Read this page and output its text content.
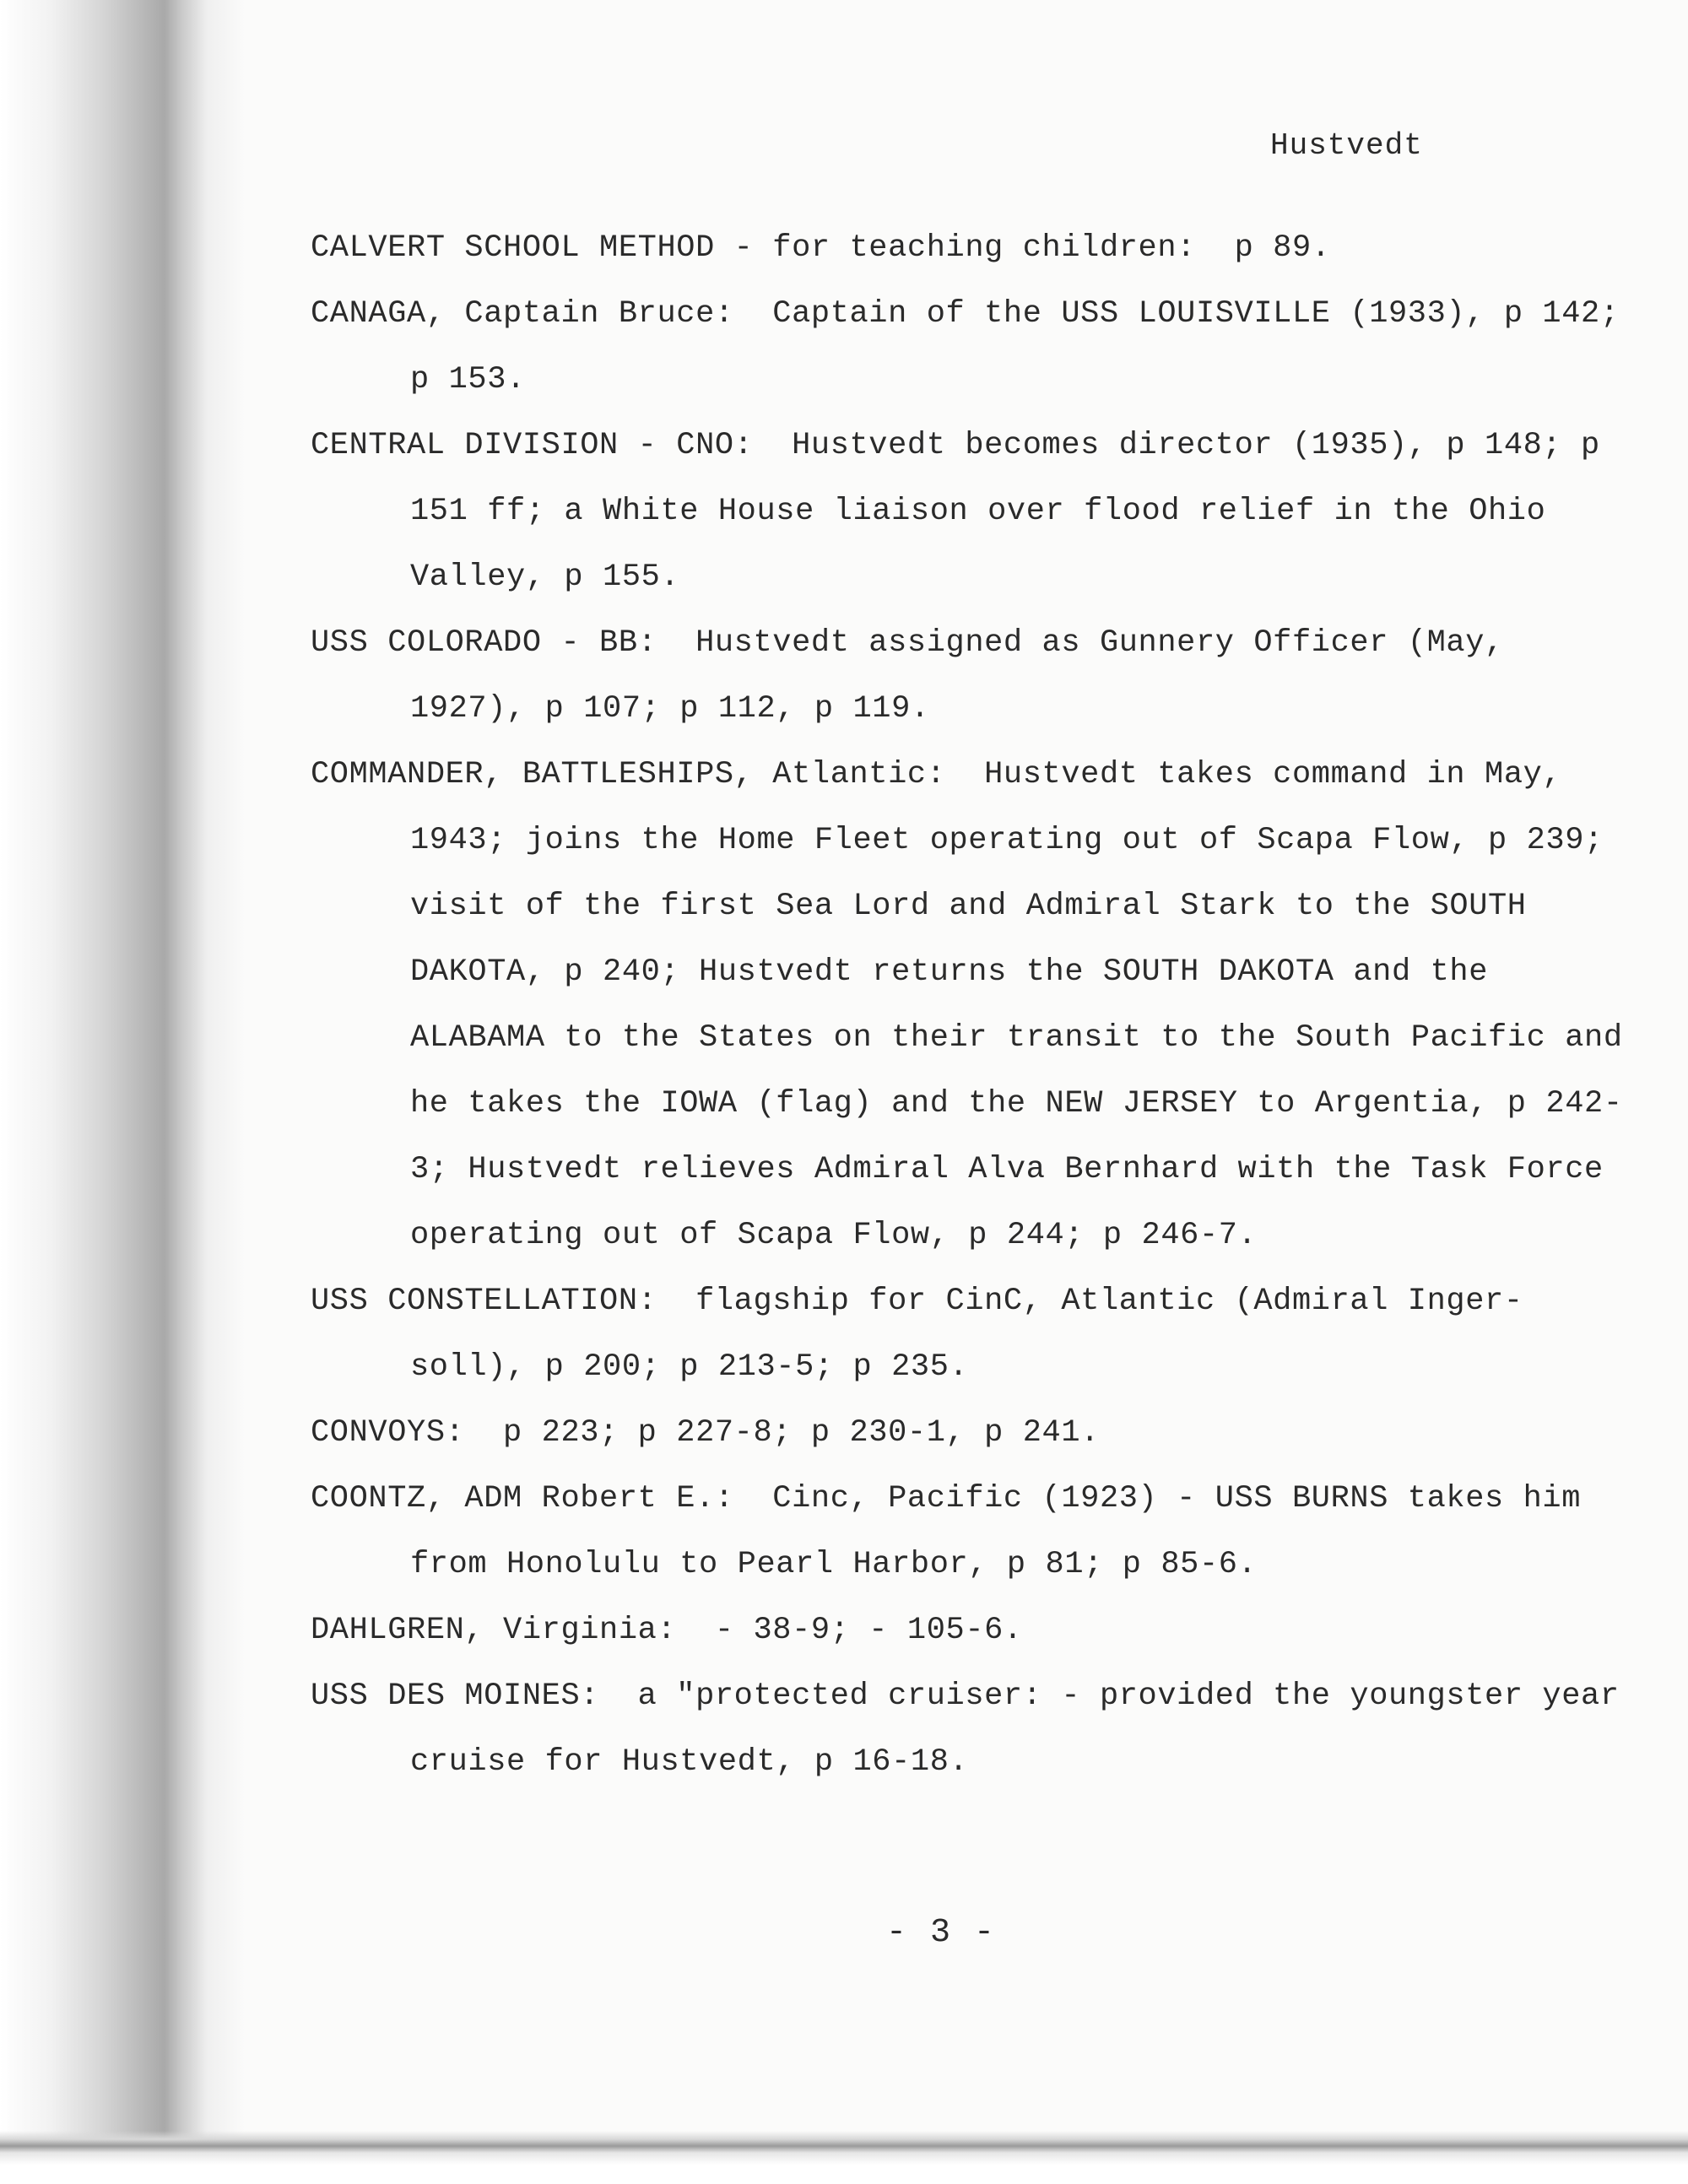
Hustvedt

CALVERT SCHOOL METHOD - for teaching children:  p 89.

CANAGA, Captain Bruce:  Captain of the USS LOUISVILLE (1933), p 142; p 153.

CENTRAL DIVISION - CNO:  Hustvedt becomes director (1935), p 148; p 151 ff; a White House liaison over flood relief in the Ohio Valley, p 155.

USS COLORADO - BB:  Hustvedt assigned as Gunnery Officer (May, 1927), p 107; p 112, p 119.

COMMANDER, BATTLESHIPS, Atlantic:  Hustvedt takes command in May, 1943; joins the Home Fleet operating out of Scapa Flow, p 239; visit of the first Sea Lord and Admiral Stark to the SOUTH DAKOTA, p 240; Hustvedt returns the SOUTH DAKOTA and the ALABAMA to the States on their transit to the South Pacific and he takes the IOWA (flag) and the NEW JERSEY to Argentia, p 242-3; Hustvedt relieves Admiral Alva Bernhard with the Task Force operating out of Scapa Flow, p 244; p 246-7.

USS CONSTELLATION:  flagship for CinC, Atlantic (Admiral Inger-soll), p 200; p 213-5; p 235.

CONVOYS:  p 223; p 227-8; p 230-1, p 241.

COONTZ, ADM Robert E.:  Cinc, Pacific (1923) - USS BURNS takes him from Honolulu to Pearl Harbor, p 81; p 85-6.

DAHLGREN, Virginia:  - 38-9; - 105-6.

USS DES MOINES:  a "protected cruiser: - provided the youngster year cruise for Hustvedt, p 16-18.

- 3 -
